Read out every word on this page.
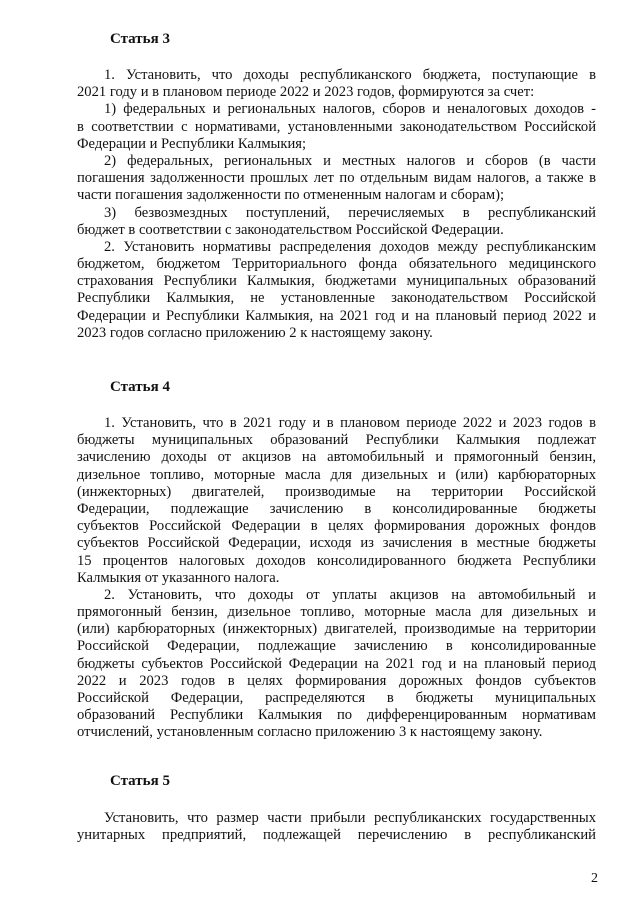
Статья 3
1. Установить, что доходы республиканского бюджета, поступающие в
2021 году и в плановом периоде 2022 и 2023 годов, формируются за счет:
1) федеральных и региональных налогов, сборов и неналоговых доходов -
в соответствии с нормативами, установленными законодательством Российской
Федерации и Республики Калмыкия;
2) федеральных, региональных и местных налогов и сборов (в части
погашения задолженности прошлых лет по отдельным видам налогов, а также в
части погашения задолженности по отмененным налогам и сборам);
3) безвозмездных поступлений, перечисляемых в республиканский
бюджет в соответствии с законодательством Российской Федерации.
2. Установить нормативы распределения доходов между республиканским
бюджетом, бюджетом Территориального фонда обязательного медицинского
страхования Республики Калмыкия, бюджетами муниципальных образований
Республики Калмыкия, не установленные законодательством Российской
Федерации и Республики Калмыкия, на 2021 год и на плановый период 2022 и
2023 годов согласно приложению 2 к настоящему закону.
Статья 4
1. Установить, что в 2021 году и в плановом периоде 2022 и 2023 годов в
бюджеты муниципальных образований Республики Калмыкия подлежат
зачислению доходы от акцизов на автомобильный и прямогонный бензин,
дизельное топливо, моторные масла для дизельных и (или) карбюраторных
(инжекторных) двигателей, производимые на территории Российской
Федерации, подлежащие зачислению в консолидированные бюджеты
субъектов Российской Федерации в целях формирования дорожных фондов
субъектов Российской Федерации, исходя из зачисления в местные бюджеты
15 процентов налоговых доходов консолидированного бюджета Республики
Калмыкия от указанного налога.
2. Установить, что доходы от уплаты акцизов на автомобильный и
прямогонный бензин, дизельное топливо, моторные масла для дизельных и
(или) карбюраторных (инжекторных) двигателей, производимые на территории
Российской Федерации, подлежащие зачислению в консолидированные
бюджеты субъектов Российской Федерации на 2021 год и на плановый период
2022 и 2023 годов в целях формирования дорожных фондов субъектов
Российской Федерации, распределяются в бюджеты муниципальных
образований Республики Калмыкия по дифференцированным нормативам
отчислений, установленным согласно приложению 3 к настоящему закону.
Статья 5
Установить, что размер части прибыли республиканских государственных
унитарных предприятий, подлежащей перечислению в республиканский
2
